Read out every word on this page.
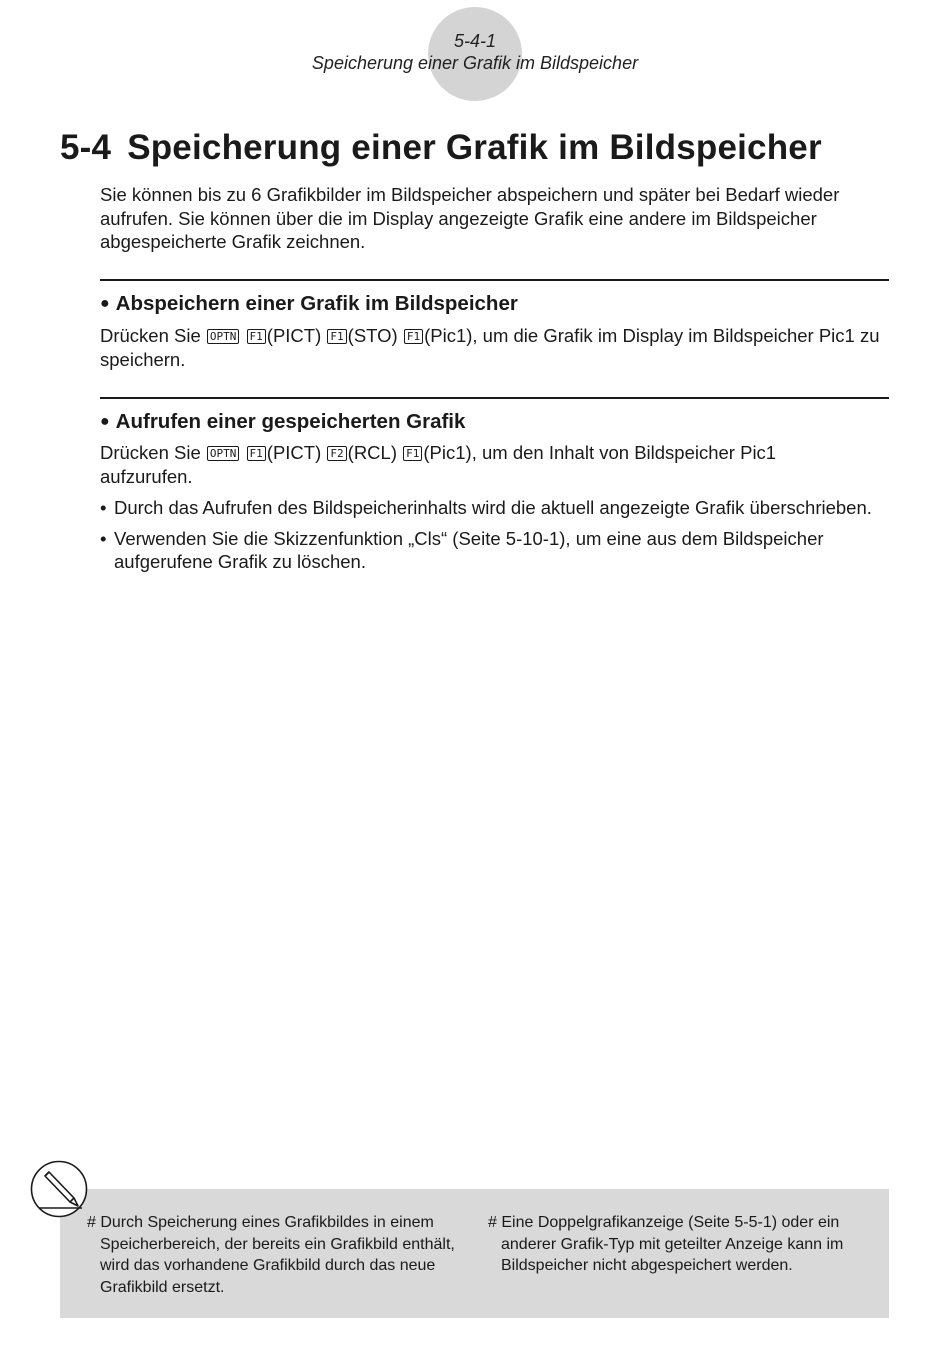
5-4-1
Speicherung einer Grafik im Bildspeicher
5-4 Speicherung einer Grafik im Bildspeicher

Sie können bis zu 6 Grafikbilder im Bildspeicher abspeichern und später bei Bedarf wieder aufrufen. Sie können über die im Display angezeigte Grafik eine andere im Bildspeicher abgespeicherte Grafik zeichnen.

● Abspeichern einer Grafik im Bildspeicher

Drücken Sie OPTN F1 (PICT) F1 (STO) F1 (Pic1), um die Grafik im Display im Bildspeicher Pic1 zu speichern.

● Aufrufen einer gespeicherten Grafik

Drücken Sie OPTN F1 (PICT) F2 (RCL) F1 (Pic1), um den Inhalt von Bildspeicher Pic1 aufzurufen.

• Durch das Aufrufen des Bildspeicherinhalts wird die aktuell angezeigte Grafik überschrieben.
• Verwenden Sie die Skizzenfunktion „Cls“ (Seite 5-10-1), um eine aus dem Bildspeicher aufgerufene Grafik zu löschen.

# Durch Speicherung eines Grafikbildes in einem Speicherbereich, der bereits ein Grafikbild enthält, wird das vorhandene Grafikbild durch das neue Grafikbild ersetzt.

# Eine Doppelgrafikanzeige (Seite 5-5-1) oder ein anderer Grafik-Typ mit geteilter Anzeige kann im Bildspeicher nicht abgespeichert werden.
